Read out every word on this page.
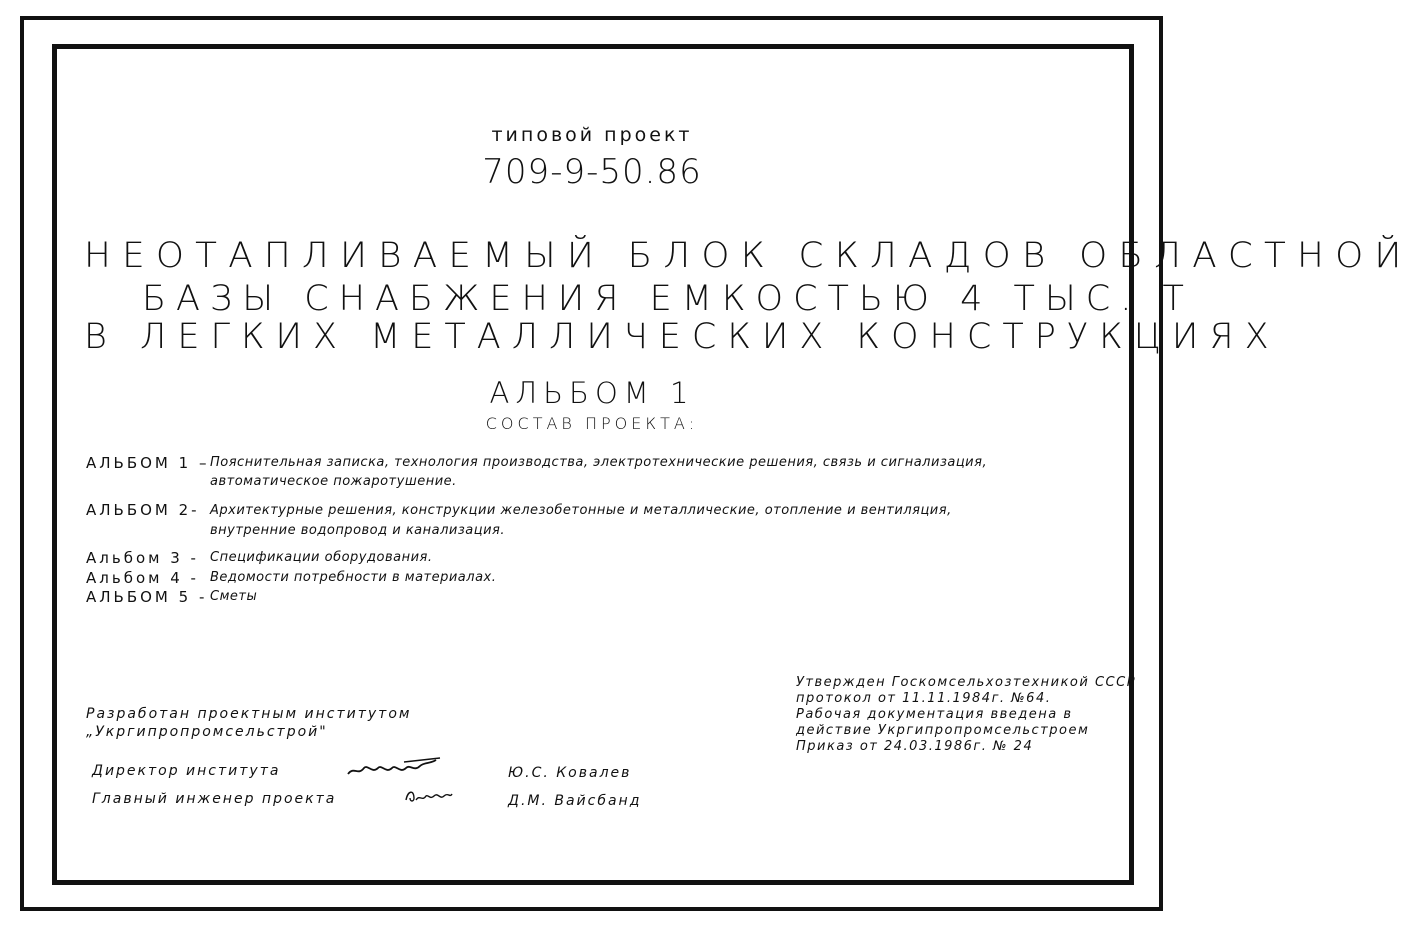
типовой проект
709-9-50.86
НЕОТАПЛИВАЕМЫЙ БЛОК СКЛАДОВ ОБЛАСТНОЙ
БАЗЫ СНАБЖЕНИЯ ЕМКОСТЬЮ 4 ТЫС. Т
В ЛЕГКИХ МЕТАЛЛИЧЕСКИХ КОНСТРУКЦИЯХ
АЛЬБОМ 1
СОСТАВ ПРОЕКТА:
АЛЬБОМ 1 – Пояснительная записка, технология производства, электротехнические решения, связь и сигнализация,
автоматическое пожаротушение.
АЛЬБОМ 2- Архитектурные решения, конструкции железобетонные и металлические, отопление и вентиляция,
внутренние водопровод и канализация.
Альбом 3 - Спецификации оборудования.
Альбом 4 - Ведомости потребности в материалах.
АЛЬБОМ 5 - Сметы
Утвержден Госкомсельхозтехникой СССР
протокол от 11.11.1984г. №64.
Рабочая документация введена в
действие Укргипропромсельстроем
Приказ от 24.03.1986г. № 24
Разработан проектным институтом
„Укргипропромсельстрой"
Директор института	Ю.С. Ковалев
Главный инженер проекта	Д.М. Вайсбанд
